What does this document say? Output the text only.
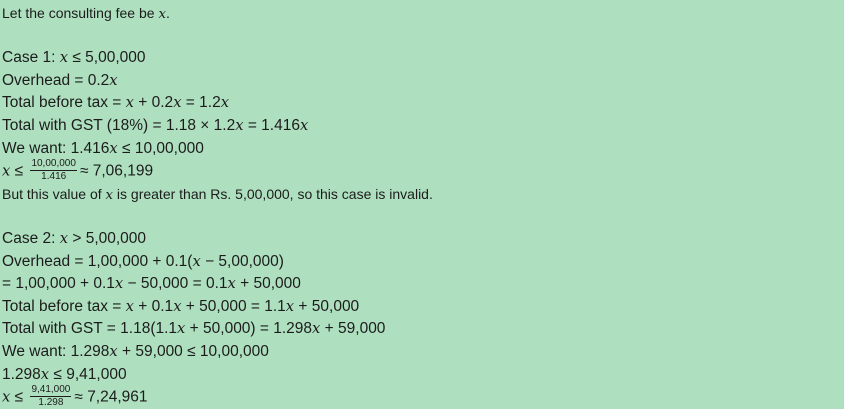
Let the consulting fee be x.
Case 1: x ≤ 5,00,000
Overhead = 0.2x
Total before tax = x + 0.2x = 1.2x
Total with GST (18%) = 1.18 × 1.2x = 1.416x
We want: 1.416x ≤ 10,00,000
$x \le \frac{10,00,000}{1.416} \approx 7,06,199$
But this value of x is greater than Rs. 5,00,000, so this case is invalid.
Case 2: x > 5,00,000
Overhead = 1,00,000 + 0.1(x − 5,00,000)
= 1,00,000 + 0.1x − 50,000 = 0.1x + 50,000
Total before tax = x + 0.1x + 50,000 = 1.1x + 50,000
Total with GST = 1.18(1.1x + 50,000) = 1.298x + 59,000
We want: 1.298x + 59,000 ≤ 10,00,000
1.298x ≤ 9,41,000
$x \le \frac{9,41,000}{1.298} \approx 7,24,961$
